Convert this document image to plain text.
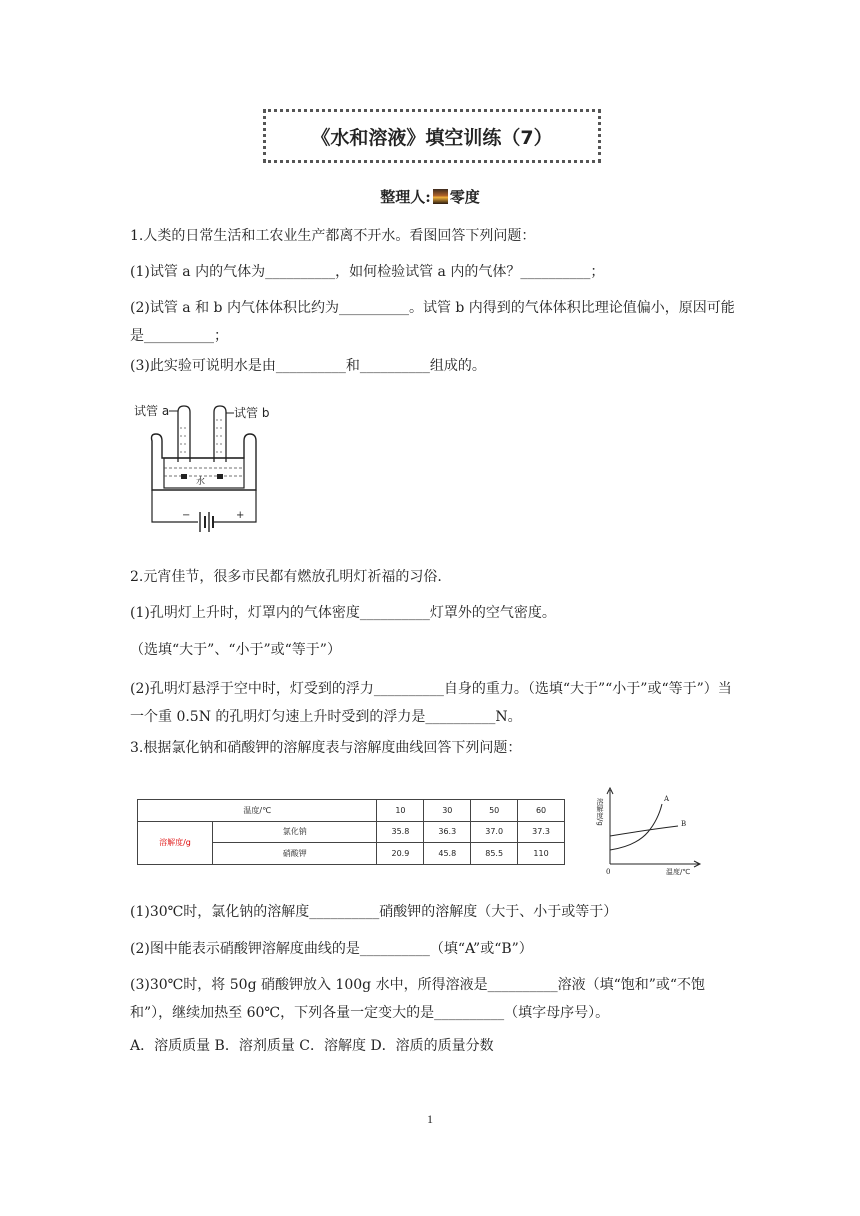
《水和溶液》填空训练（7）
整理人: 零度
1.人类的日常生活和工农业生产都离不开水。看图回答下列问题：
(1)试管 a 内的气体为__________，如何检验试管 a 内的气体？__________；
(2)试管 a 和 b 内气体体积比约为__________。试管 b 内得到的气体体积比理论值偏小，原因可能是__________；
(3)此实验可说明水是由__________和__________组成的。
试管 a	试管 b
水
−	+
2.元宵佳节，很多市民都有燃放孔明灯祈福的习俗.
(1)孔明灯上升时，灯罩内的气体密度__________灯罩外的空气密度。
（选填“大于”、“小于”或“等于”）
(2)孔明灯悬浮于空中时，灯受到的浮力__________自身的重力。（选填“大于”“小于”或“等于”）当一个重 0.5N 的孔明灯匀速上升时受到的浮力是__________N。
3.根据氯化钠和硝酸钾的溶解度表与溶解度曲线回答下列问题：
温度/℃		10	30	50	60
溶解度/g	氯化钠	35.8	36.3	37.0	37.3
	硝酸钾	20.9	45.8	85.5	110
溶解度/g
0	温度/℃
A
B
(1)30℃时，氯化钠的溶解度__________硝酸钾的溶解度（大于、小于或等于）
(2)图中能表示硝酸钾溶解度曲线的是__________（填“A”或“B”）
(3)30℃时，将 50g 硝酸钾放入 100g 水中，所得溶液是__________溶液（填“饱和”或“不饱和”），继续加热至 60℃，下列各量一定变大的是__________（填字母序号）。
A．溶质质量 B．溶剂质量 C．溶解度 D．溶质的质量分数
1
